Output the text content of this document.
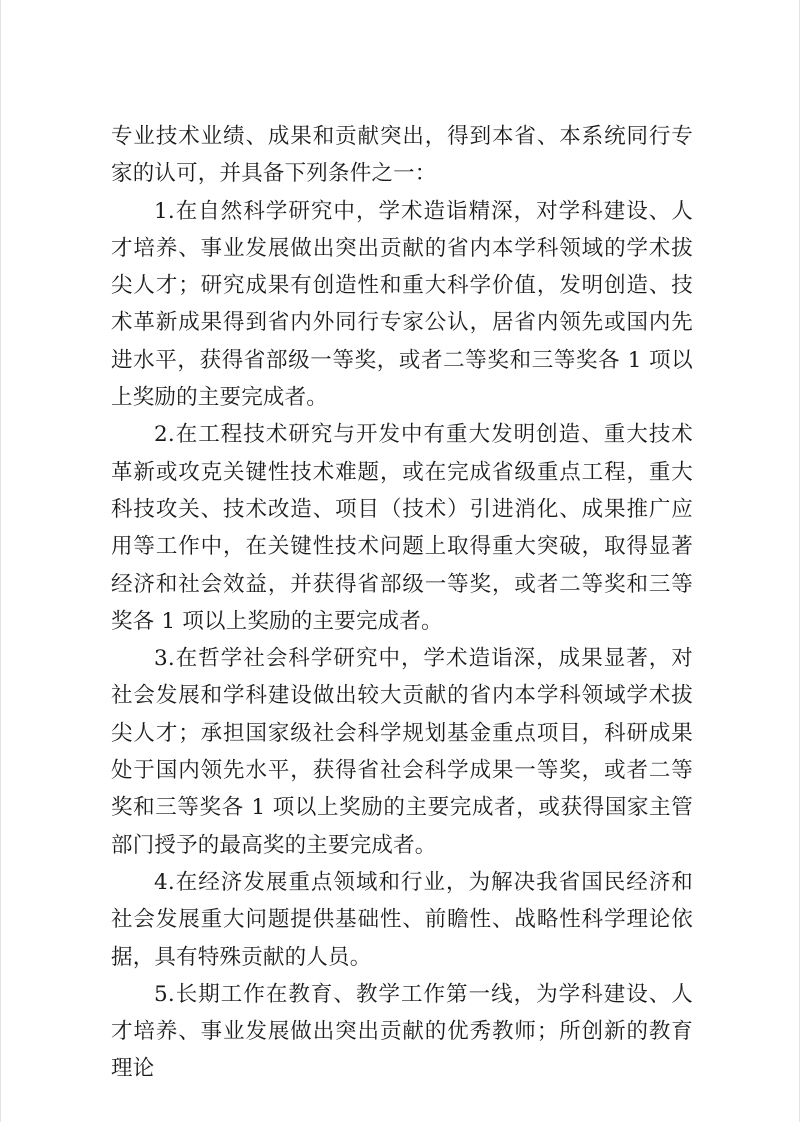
专业技术业绩、成果和贡献突出，得到本省、本系统同行专家的认可，并具备下列条件之一：

1.在自然科学研究中，学术造诣精深，对学科建设、人才培养、事业发展做出突出贡献的省内本学科领域的学术拔尖人才；研究成果有创造性和重大科学价值，发明创造、技术革新成果得到省内外同行专家公认，居省内领先或国内先进水平，获得省部级一等奖，或者二等奖和三等奖各 1 项以上奖励的主要完成者。

2.在工程技术研究与开发中有重大发明创造、重大技术革新或攻克关键性技术难题，或在完成省级重点工程，重大科技攻关、技术改造、项目（技术）引进消化、成果推广应用等工作中，在关键性技术问题上取得重大突破，取得显著经济和社会效益，并获得省部级一等奖，或者二等奖和三等奖各 1 项以上奖励的主要完成者。

3.在哲学社会科学研究中，学术造诣深，成果显著，对社会发展和学科建设做出较大贡献的省内本学科领域学术拔尖人才；承担国家级社会科学规划基金重点项目，科研成果处于国内领先水平，获得省社会科学成果一等奖，或者二等奖和三等奖各 1 项以上奖励的主要完成者，或获得国家主管部门授予的最高奖的主要完成者。

4.在经济发展重点领域和行业，为解决我省国民经济和社会发展重大问题提供基础性、前瞻性、战略性科学理论依据，具有特殊贡献的人员。

5.长期工作在教育、教学工作第一线，为学科建设、人才培养、事业发展做出突出贡献的优秀教师；所创新的教育理论
